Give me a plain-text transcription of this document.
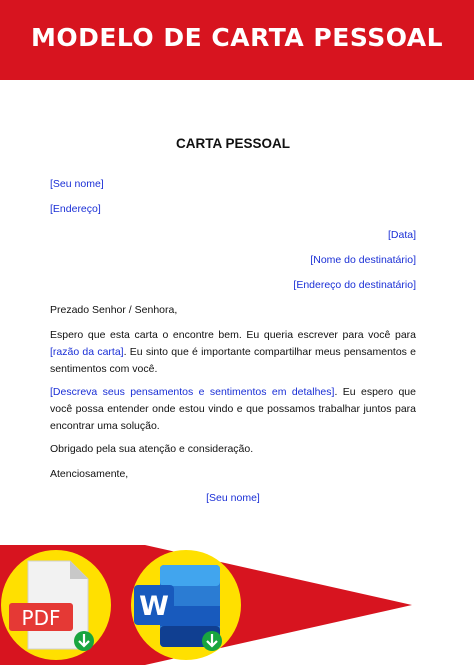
MODELO DE CARTA PESSOAL
CARTA PESSOAL
[Seu nome]
[Endereço]
[Data]
[Nome do destinatário]
[Endereço do destinatário]
Prezado Senhor / Senhora,
Espero que esta carta o encontre bem. Eu queria escrever para você para [razão da carta]. Eu sinto que é importante compartilhar meus pensamentos e sentimentos com você.
[Descreva seus pensamentos e sentimentos em detalhes]. Eu espero que você possa entender onde estou vindo e que possamos trabalhar juntos para encontrar uma solução.
Obrigado pela sua atenção e consideração.
Atenciosamente,
[Seu nome]
PDF	W
